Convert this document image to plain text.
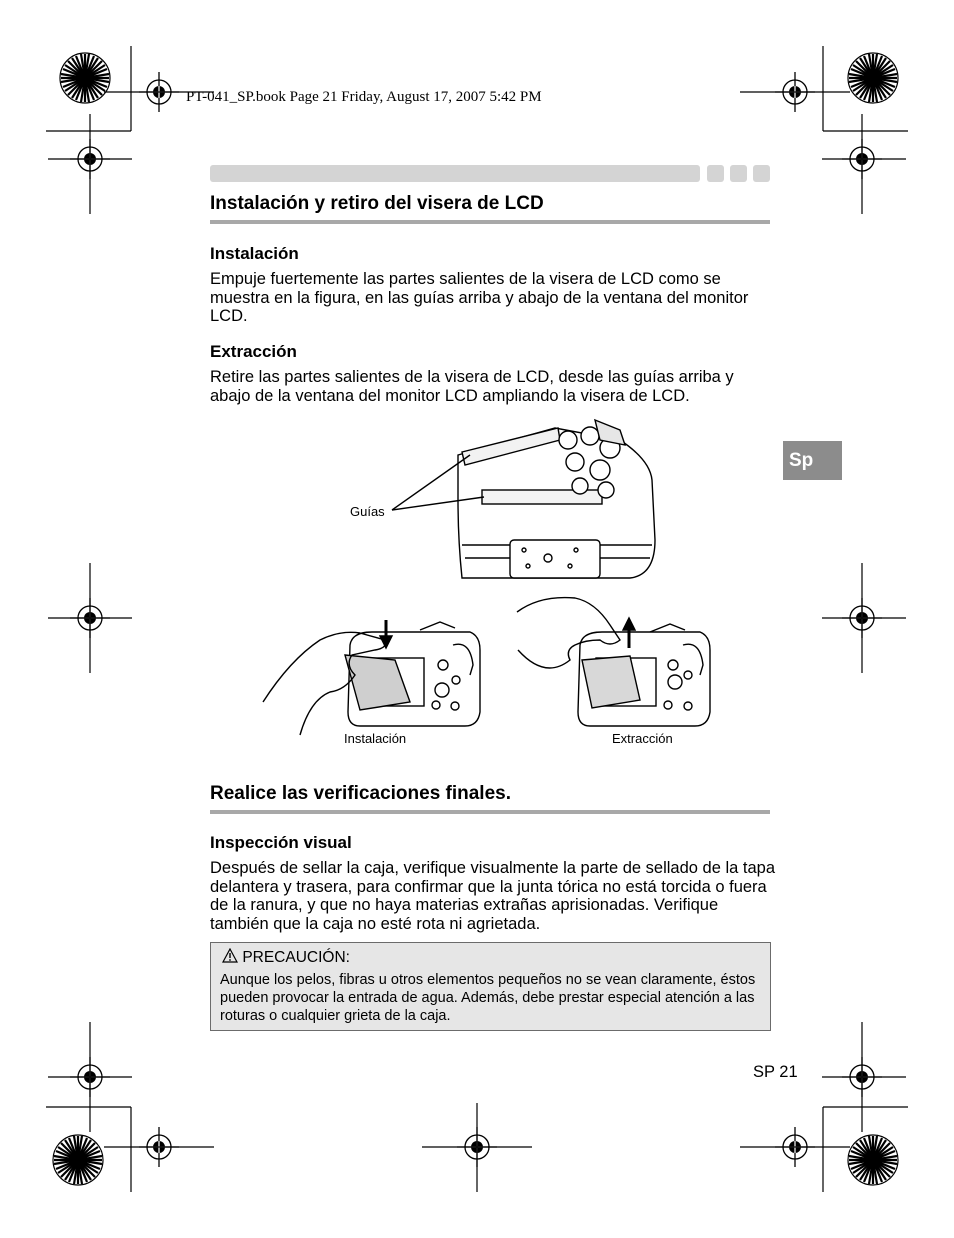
PT-041_SP.book Page 21 Friday, August 17, 2007 5:42 PM
Instalación y retiro del visera de LCD
Instalación
Empuje fuertemente las partes salientes de la visera de LCD como se muestra en la figura, en las guías arriba y abajo de la ventana del monitor LCD.
Extracción
Retire las partes salientes de la visera de LCD, desde las guías arriba y abajo de la ventana del monitor LCD ampliando la visera de LCD.
Sp
Guías
Instalación	Extracción
Realice las verificaciones finales.
Inspección visual
Después de sellar la caja, verifique visualmente la parte de sellado de la tapa delantera y trasera, para confirmar que la junta tórica no está torcida o fuera de la ranura, y que no haya materias extrañas aprisionadas. Verifique también que la caja no esté rota ni agrietada.
PRECAUCIÓN:
Aunque los pelos, fibras u otros elementos pequeños no se vean claramente, éstos pueden provocar la entrada de agua. Además, debe prestar especial atención a las roturas o cualquier grieta de la caja.
SP 21
